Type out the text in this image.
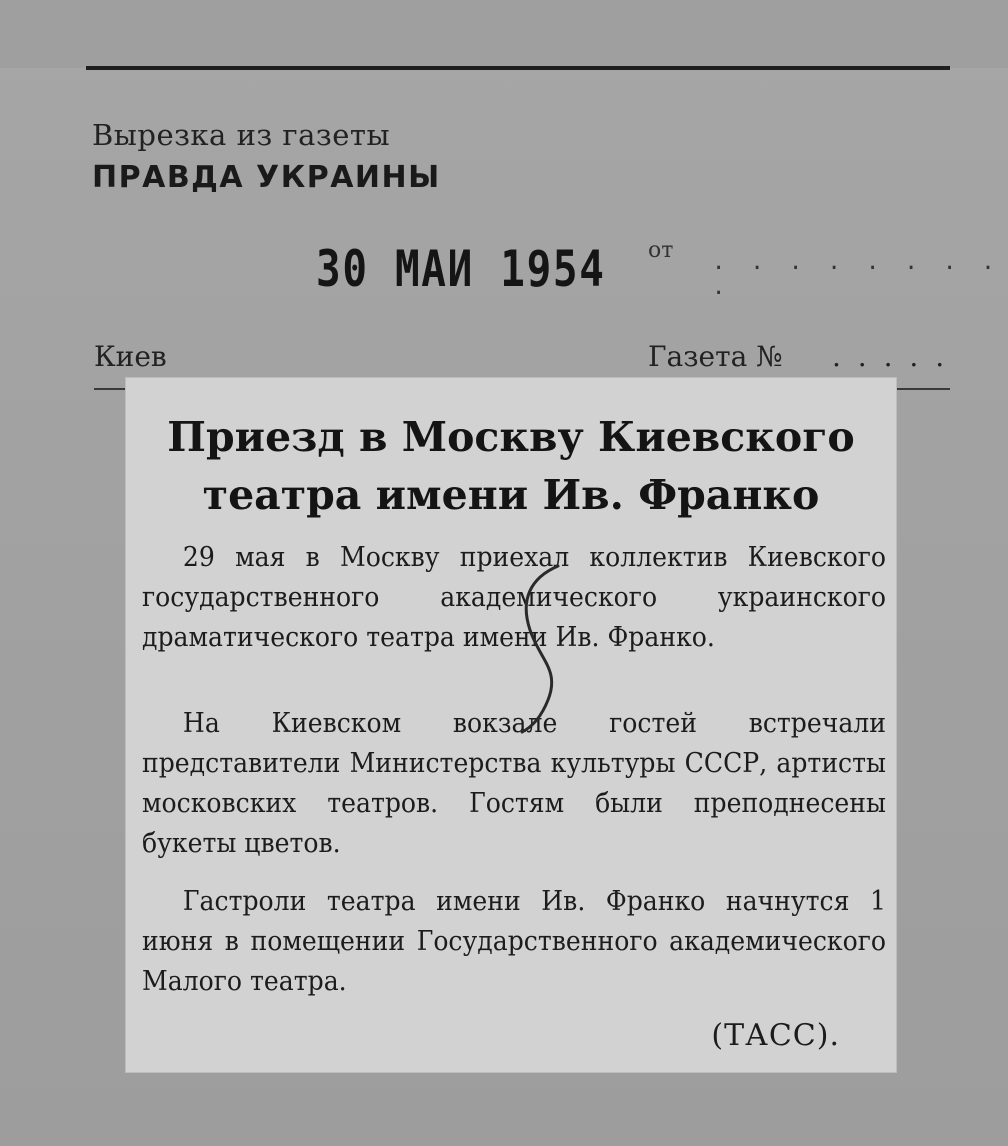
Вырезка из газеты
ПРАВДА УКРАИНЫ
30 МАИ 1954 от . . . . . . . . .
Киев	Газета № . . . . .
Приезд в Москву Киевского
театра имени Ив. Франко
29 мая в Москву приехал коллектив Киевского государственного академического украинского драматического театра имени Ив. Франко.
На Киевском вокзале гостей встречали представители Министерства культуры СССР, артисты московских театров. Гостям были преподнесены букеты цветов.
Гастроли театра имени Ив. Франко начнутся 1 июня в помещении Государственного академического Малого театра.
(ТАСС).
